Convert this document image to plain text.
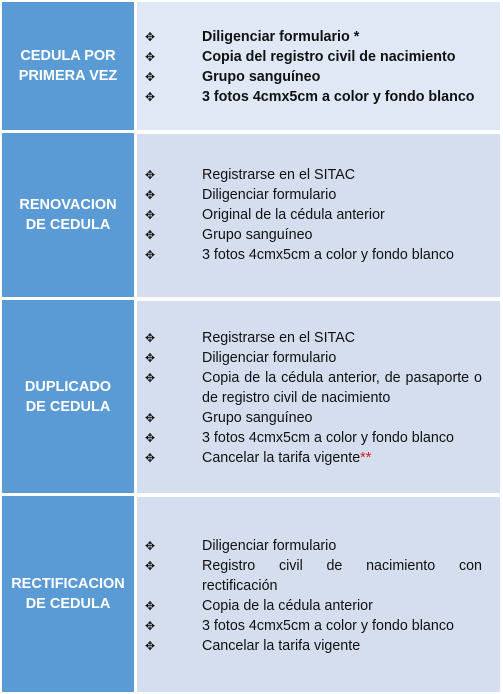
CEDULA POR PRIMERA VEZ
✥	Diligenciar formulario *
✥	Copia del registro civil de nacimiento
✥	Grupo sanguíneo
✥	3 fotos 4cmx5cm a color y fondo blanco
RENOVACION DE CEDULA
✥	Registrarse en el SITAC
✥	Diligenciar formulario
✥	Original de la cédula anterior
✥	Grupo sanguíneo
✥	3 fotos 4cmx5cm a color y fondo blanco
DUPLICADO DE CEDULA
✥	Registrarse en el SITAC
✥	Diligenciar formulario
✥	Copia de la cédula anterior, de pasaporte o de registro civil de nacimiento
✥	Grupo sanguíneo
✥	3 fotos 4cmx5cm a color y fondo blanco
✥	Cancelar la tarifa vigente**
RECTIFICACION DE CEDULA
✥	Diligenciar formulario
✥	Registro civil de nacimiento con rectificación
✥	Copia de la cédula anterior
✥	3 fotos 4cmx5cm a color y fondo blanco
✥	Cancelar la tarifa vigente
